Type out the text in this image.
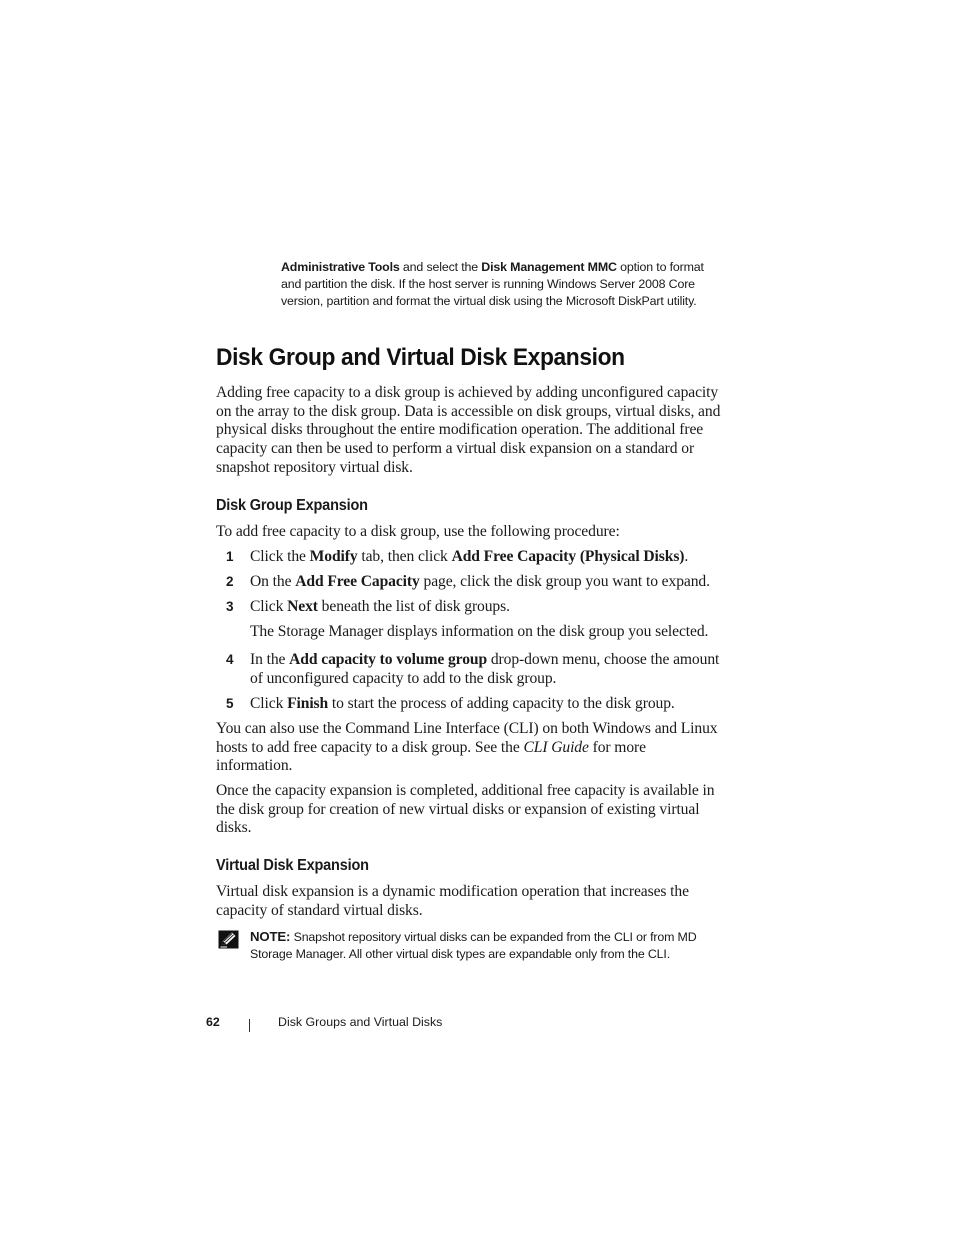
Administrative Tools and select the Disk Management MMC option to format and partition the disk. If the host server is running Windows Server 2008 Core version, partition and format the virtual disk using the Microsoft DiskPart utility.
Disk Group and Virtual Disk Expansion

Adding free capacity to a disk group is achieved by adding unconfigured capacity on the array to the disk group. Data is accessible on disk groups, virtual disks, and physical disks throughout the entire modification operation. The additional free capacity can then be used to perform a virtual disk expansion on a standard or snapshot repository virtual disk.

Disk Group Expansion

To add free capacity to a disk group, use the following procedure:

1 Click the Modify tab, then click Add Free Capacity (Physical Disks).
2 On the Add Free Capacity page, click the disk group you want to expand.
3 Click Next beneath the list of disk groups.
The Storage Manager displays information on the disk group you selected.
4 In the Add capacity to volume group drop-down menu, choose the amount of unconfigured capacity to add to the disk group.
5 Click Finish to start the process of adding capacity to the disk group.

You can also use the Command Line Interface (CLI) on both Windows and Linux hosts to add free capacity to a disk group. See the CLI Guide for more information.

Once the capacity expansion is completed, additional free capacity is available in the disk group for creation of new virtual disks or expansion of existing virtual disks.

Virtual Disk Expansion

Virtual disk expansion is a dynamic modification operation that increases the capacity of standard virtual disks.

NOTE: Snapshot repository virtual disks can be expanded from the CLI or from MD Storage Manager. All other virtual disk types are expandable only from the CLI.
62	Disk Groups and Virtual Disks
